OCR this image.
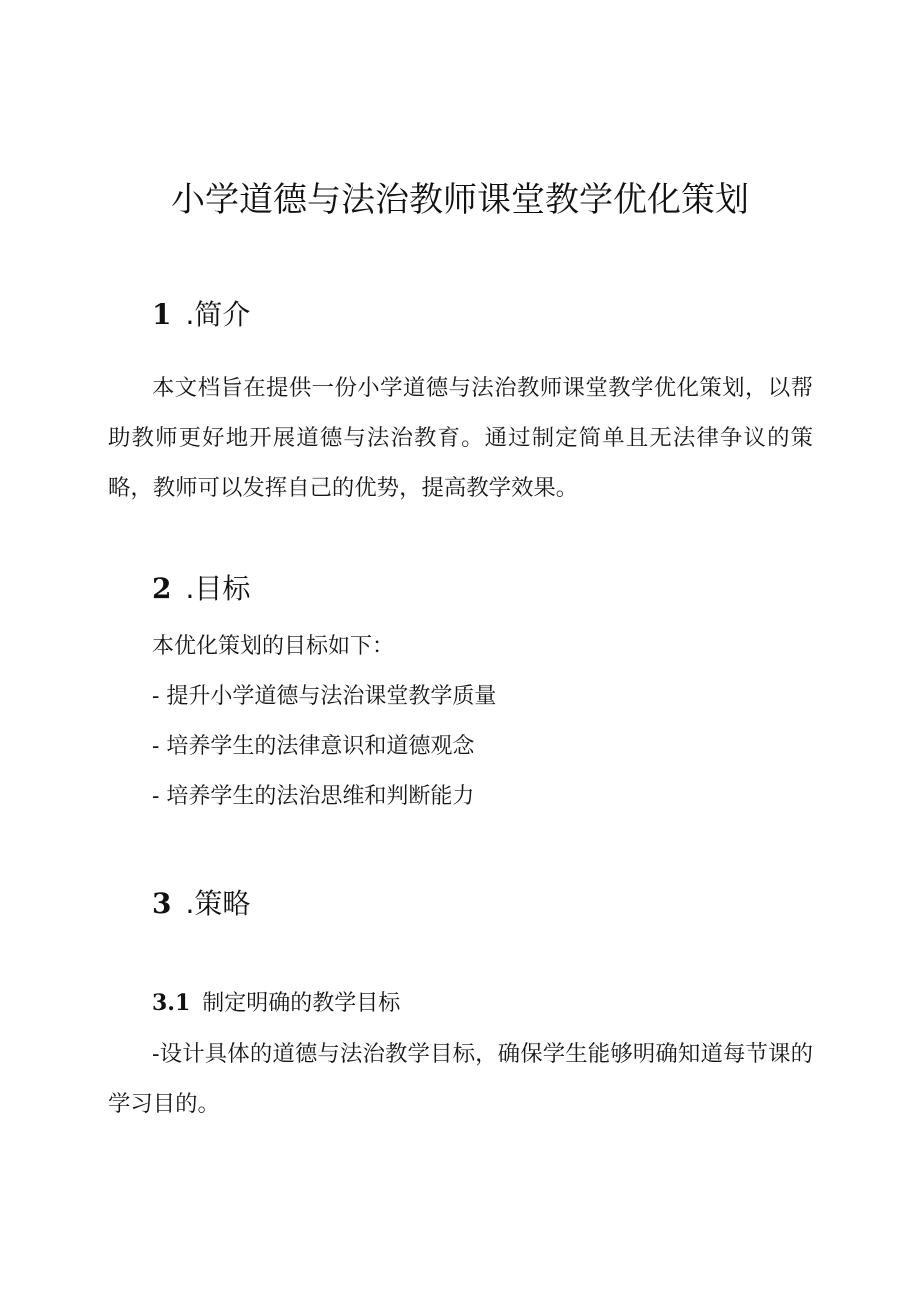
小学道德与法治教师课堂教学优化策划
1 .简介
本文档旨在提供一份小学道德与法治教师课堂教学优化策划，以帮助教师更好地开展道德与法治教育。通过制定简单且无法律争议的策略，教师可以发挥自己的优势，提高教学效果。
2 .目标
本优化策划的目标如下：
- 提升小学道德与法治课堂教学质量
- 培养学生的法律意识和道德观念
- 培养学生的法治思维和判断能力
3 .策略
3.1 制定明确的教学目标
-设计具体的道德与法治教学目标，确保学生能够明确知道每节课的学习目的。
